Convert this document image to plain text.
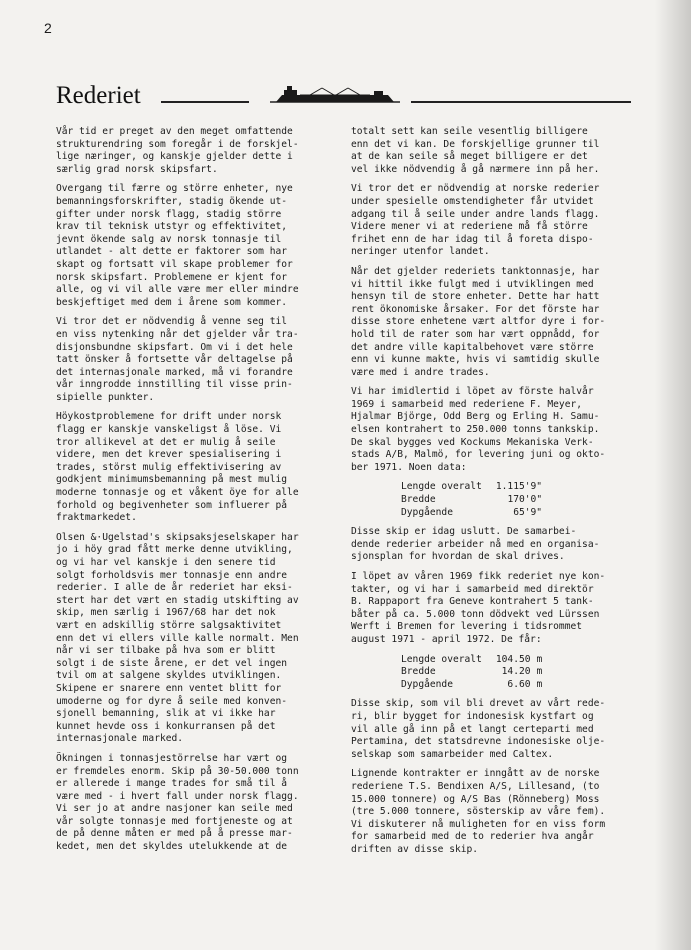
2
Rederiet

Vår tid er preget av den meget omfattende
strukturendring som foregår i de forskjel-
lige næringer, og kanskje gjelder dette i
særlig grad norsk skipsfart.

Overgang til færre og större enheter, nye
bemanningsforskrifter, stadig ökende ut-
gifter under norsk flagg, stadig större
krav til teknisk utstyr og effektivitet,
jevnt ökende salg av norsk tonnasje til
utlandet - alt dette er faktorer som har
skapt og fortsatt vil skape problemer for
norsk skipsfart. Problemene er kjent for
alle, og vi vil alle være mer eller mindre
beskjeftiget med dem i årene som kommer.

Vi tror det er nödvendig å venne seg til
en viss nytenking når det gjelder vår tra-
disjonsbundne skipsfart. Om vi i det hele
tatt önsker å fortsette vår deltagelse på
det internasjonale marked, må vi forandre
vår inngrodde innstilling til visse prin-
sipielle punkter.

Höykostproblemene for drift under norsk
flagg er kanskje vanskeligst å löse. Vi
tror allikevel at det er mulig å seile
videre, men det krever spesialisering i
trades, störst mulig effektivisering av
godkjent minimumsbemanning på mest mulig
moderne tonnasje og et våkent öye for alle
forhold og begivenheter som influerer på
fraktmarkedet.

Olsen &·Ugelstad's skipsaksjeselskaper har
jo i höy grad fått merke denne utvikling,
og vi har vel kanskje i den senere tid
solgt forholdsvis mer tonnasje enn andre
rederier. I alle de år rederiet har eksi-
stert har det vært en stadig utskifting av
skip, men særlig i 1967/68 har det nok
vært en adskillig större salgsaktivitet
enn det vi ellers ville kalle normalt. Men
når vi ser tilbake på hva som er blitt
solgt i de siste årene, er det vel ingen
tvil om at salgene skyldes utviklingen.
Skipene er snarere enn ventet blitt for
umoderne og for dyre å seile med konven-
sjonell bemanning, slik at vi ikke har
kunnet hevde oss i konkurransen på det
internasjonale marked.

Ökningen i tonnasjestörrelse har vært og
er fremdeles enorm. Skip på 30-50.000 tonn
er allerede i mange trades for små til å
være med - i hvert fall under norsk flagg.
Vi ser jo at andre nasjoner kan seile med
vår solgte tonnasje med fortjeneste og at
de på denne måten er med på å presse mar-
kedet, men det skyldes utelukkende at de

totalt sett kan seile vesentlig billigere
enn det vi kan. De forskjellige grunner til
at de kan seile så meget billigere er det
vel ikke nödvendig å gå nærmere inn på her.

Vi tror det er nödvendig at norske rederier
under spesielle omstendigheter får utvidet
adgang til å seile under andre lands flagg.
Videre mener vi at rederiene må få större
frihet enn de har idag til å foreta dispo-
neringer utenfor landet.

Når det gjelder rederiets tanktonnasje, har
vi hittil ikke fulgt med i utviklingen med
hensyn til de store enheter. Dette har hatt
rent ökonomiske årsaker. For det förste har
disse store enhetene vært altfor dyre i for-
hold til de rater som har vært oppnådd, for
det andre ville kapitalbehovet være större
enn vi kunne makte, hvis vi samtidig skulle
være med i andre trades.

Vi har imidlertid i löpet av förste halvår
1969 i samarbeid med rederiene F. Meyer,
Hjalmar Björge, Odd Berg og Erling H. Samu-
elsen kontrahert to 250.000 tonns tankskip.
De skal bygges ved Kockums Mekaniska Verk-
stads A/B, Malmö, for levering juni og okto-
ber 1971. Noen data:

Lengde overalt	1.115'9"
Bredde	170'0"
Dypgående	65'9"

Disse skip er idag uslutt. De samarbei-
dende rederier arbeider nå med en organisa-
sjonsplan for hvordan de skal drives.

I löpet av våren 1969 fikk rederiet nye kon-
takter, og vi har i samarbeid med direktör
B. Rappaport fra Geneve kontrahert 5 tank-
båter på ca. 5.000 tonn dödvekt ved Lürssen
Werft i Bremen for levering i tidsrommet
august 1971 - april 1972. De får:

Lengde overalt	104.50	m
Bredde	14.20	m
Dypgående	6.60	m

Disse skip, som vil bli drevet av vårt rede-
ri, blir bygget for indonesisk kystfart og
vil alle gå inn på et langt certeparti med
Pertamina, det statsdrevne indonesiske olje-
selskap som samarbeider med Caltex.

Lignende kontrakter er inngått av de norske
rederiene T.S. Bendixen A/S, Lillesand, (to
15.000 tonnere) og A/S Bas (Rönneberg) Moss
(tre 5.000 tonnere, sösterskip av våre fem).
Vi diskuterer nå muligheten for en viss form
for samarbeid med de to rederier hva angår
driften av disse skip.
